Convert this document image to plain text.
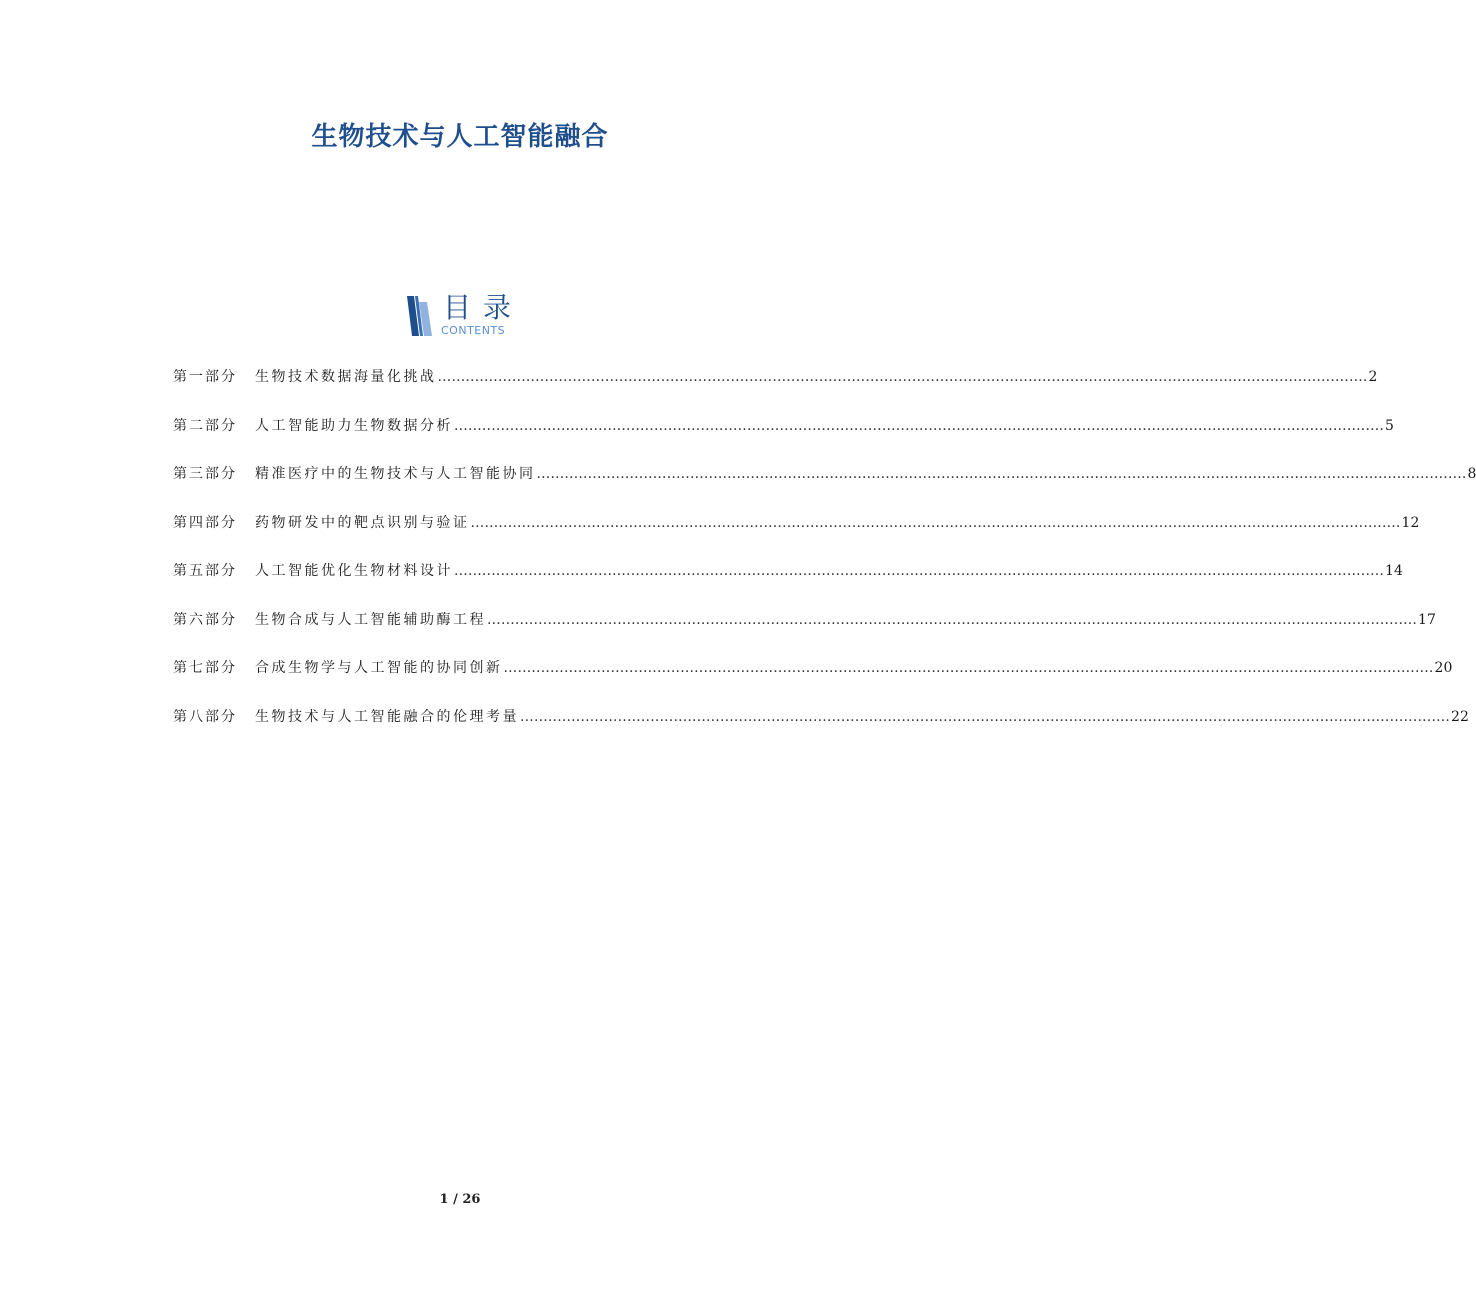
生物技术与人工智能融合
目录
CONTENTS
第一部分	生物技术数据海量化挑战 ........................................................................................................................................................................................................ 2
第二部分	人工智能助力生物数据分析 ........................................................................................................................................................................................................ 5
第三部分	精准医疗中的生物技术与人工智能协同 ........................................................................................................................................................................................................ 8
第四部分	药物研发中的靶点识别与验证 ........................................................................................................................................................................................................ 12
第五部分	人工智能优化生物材料设计 ........................................................................................................................................................................................................ 14
第六部分	生物合成与人工智能辅助酶工程 ........................................................................................................................................................................................................ 17
第七部分	合成生物学与人工智能的协同创新 ........................................................................................................................................................................................................ 20
第八部分	生物技术与人工智能融合的伦理考量 ........................................................................................................................................................................................................ 22
1 / 26
